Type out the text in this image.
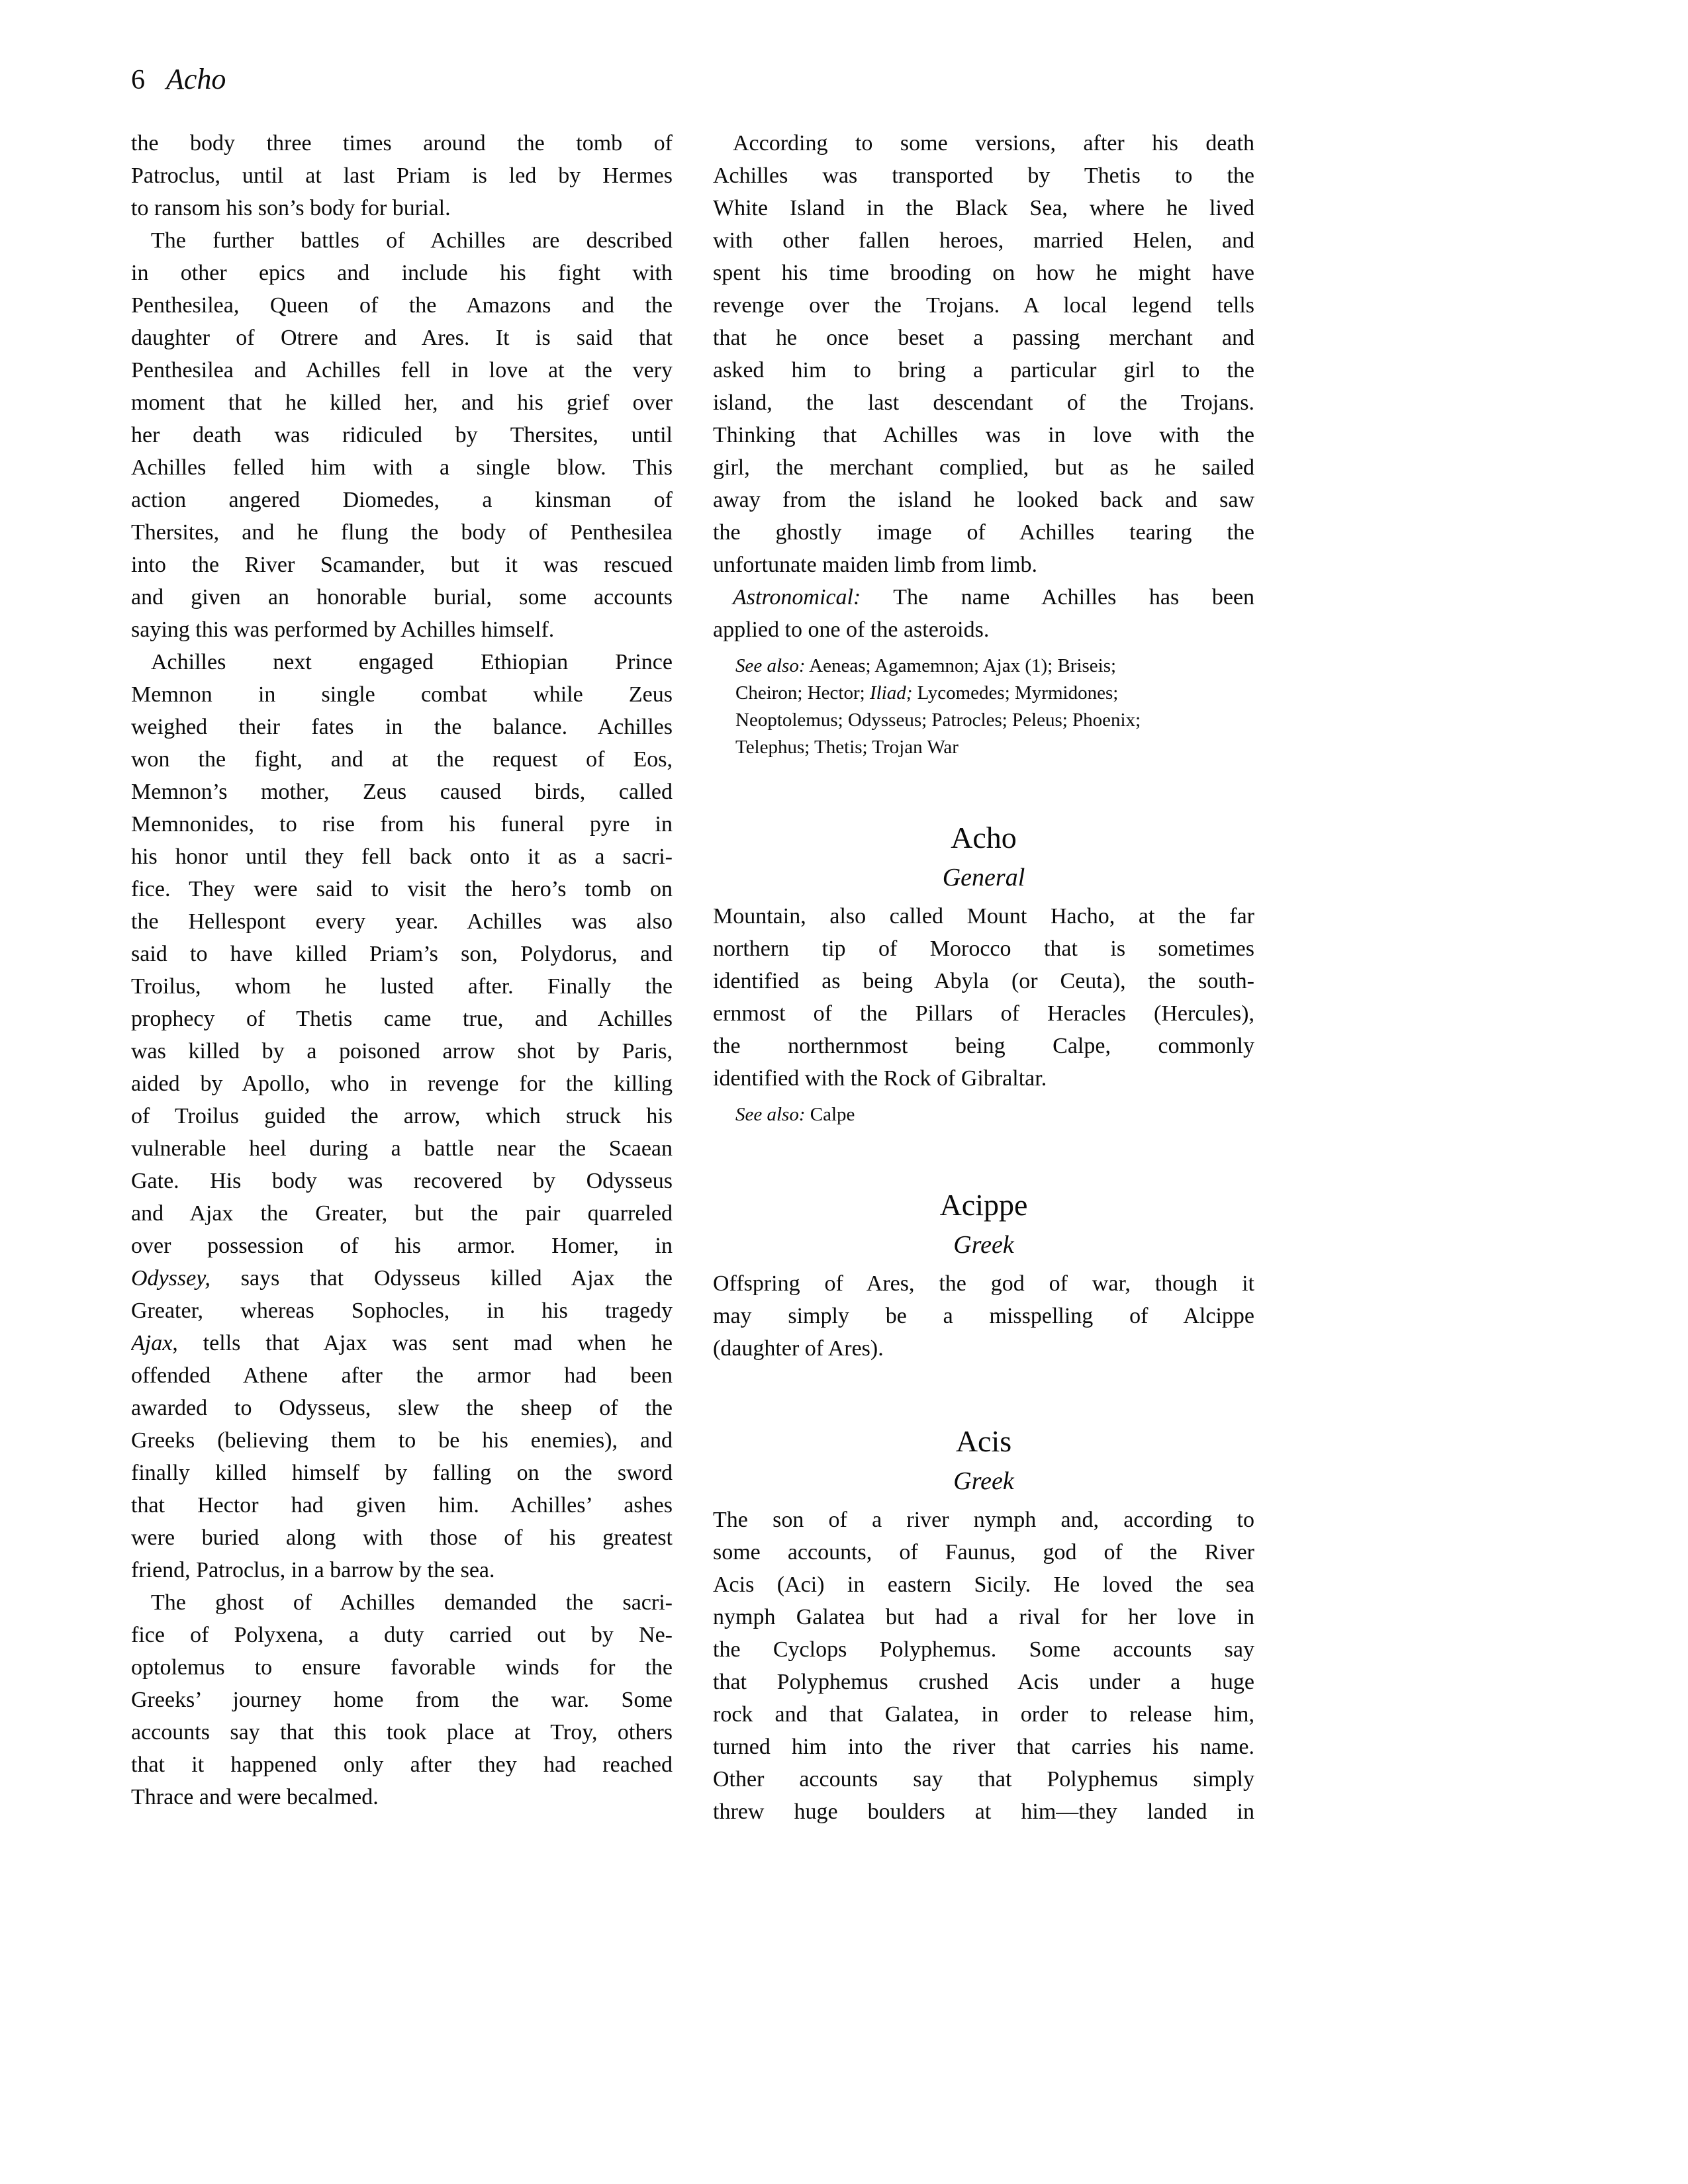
6 Acho
the body three times around the tomb of
Patroclus, until at last Priam is led by Hermes
to ransom his son’s body for burial.
The further battles of Achilles are described
in other epics and include his fight with
Penthesilea, Queen of the Amazons and the
daughter of Otrere and Ares. It is said that
Penthesilea and Achilles fell in love at the very
moment that he killed her, and his grief over
her death was ridiculed by Thersites, until
Achilles felled him with a single blow. This
action angered Diomedes, a kinsman of
Thersites, and he flung the body of Penthesilea
into the River Scamander, but it was rescued
and given an honorable burial, some accounts
saying this was performed by Achilles himself.
Achilles next engaged Ethiopian Prince
Memnon in single combat while Zeus
weighed their fates in the balance. Achilles
won the fight, and at the request of Eos,
Memnon’s mother, Zeus caused birds, called
Memnonides, to rise from his funeral pyre in
his honor until they fell back onto it as a sacri-
fice. They were said to visit the hero’s tomb on
the Hellespont every year. Achilles was also
said to have killed Priam’s son, Polydorus, and
Troilus, whom he lusted after. Finally the
prophecy of Thetis came true, and Achilles
was killed by a poisoned arrow shot by Paris,
aided by Apollo, who in revenge for the killing
of Troilus guided the arrow, which struck his
vulnerable heel during a battle near the Scaean
Gate. His body was recovered by Odysseus
and Ajax the Greater, but the pair quarreled
over possession of his armor. Homer, in
Odyssey, says that Odysseus killed Ajax the
Greater, whereas Sophocles, in his tragedy
Ajax, tells that Ajax was sent mad when he
offended Athene after the armor had been
awarded to Odysseus, slew the sheep of the
Greeks (believing them to be his enemies), and
finally killed himself by falling on the sword
that Hector had given him. Achilles’ ashes
were buried along with those of his greatest
friend, Patroclus, in a barrow by the sea.
The ghost of Achilles demanded the sacri-
fice of Polyxena, a duty carried out by Ne-
optolemus to ensure favorable winds for the
Greeks’ journey home from the war. Some
accounts say that this took place at Troy, others
that it happened only after they had reached
Thrace and were becalmed.
According to some versions, after his death
Achilles was transported by Thetis to the
White Island in the Black Sea, where he lived
with other fallen heroes, married Helen, and
spent his time brooding on how he might have
revenge over the Trojans. A local legend tells
that he once beset a passing merchant and
asked him to bring a particular girl to the
island, the last descendant of the Trojans.
Thinking that Achilles was in love with the
girl, the merchant complied, but as he sailed
away from the island he looked back and saw
the ghostly image of Achilles tearing the
unfortunate maiden limb from limb.
Astronomical: The name Achilles has been
applied to one of the asteroids.
See also: Aeneas; Agamemnon; Ajax (1); Briseis;
Cheiron; Hector; Iliad; Lycomedes; Myrmidones;
Neoptolemus; Odysseus; Patrocles; Peleus; Phoenix;
Telephus; Thetis; Trojan War
Acho
General
Mountain, also called Mount Hacho, at the far
northern tip of Morocco that is sometimes
identified as being Abyla (or Ceuta), the south-
ernmost of the Pillars of Heracles (Hercules),
the northernmost being Calpe, commonly
identified with the Rock of Gibraltar.
See also: Calpe
Acippe
Greek
Offspring of Ares, the god of war, though it
may simply be a misspelling of Alcippe
(daughter of Ares).
Acis
Greek
The son of a river nymph and, according to
some accounts, of Faunus, god of the River
Acis (Aci) in eastern Sicily. He loved the sea
nymph Galatea but had a rival for her love in
the Cyclops Polyphemus. Some accounts say
that Polyphemus crushed Acis under a huge
rock and that Galatea, in order to release him,
turned him into the river that carries his name.
Other accounts say that Polyphemus simply
threw huge boulders at him—they landed in
